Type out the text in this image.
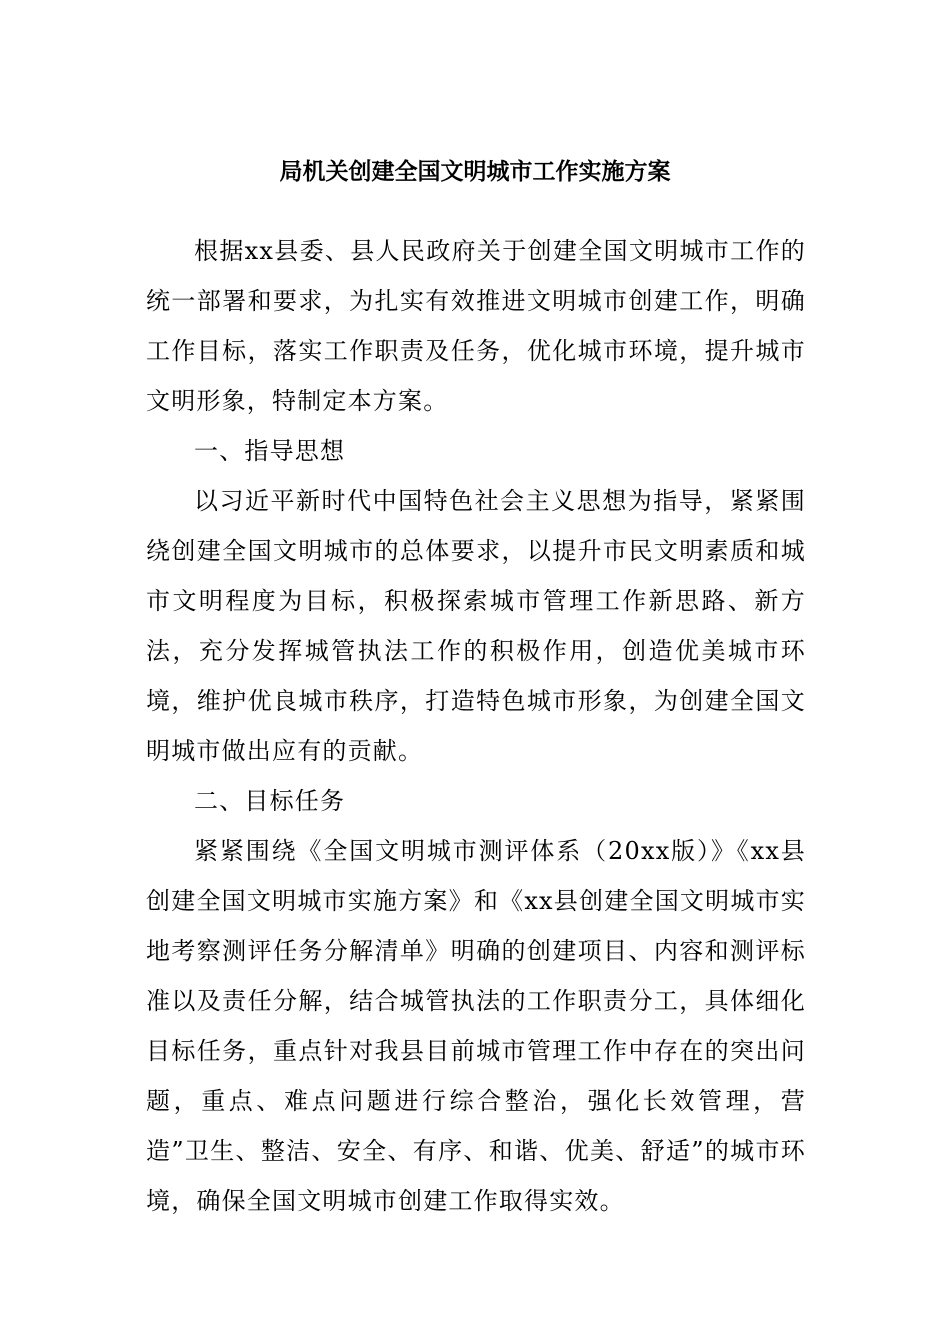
局机关创建全国文明城市工作实施方案

根据xx县委、县人民政府关于创建全国文明城市工作的统一部署和要求，为扎实有效推进文明城市创建工作，明确工作目标，落实工作职责及任务，优化城市环境，提升城市文明形象，特制定本方案。

一、指导思想

以习近平新时代中国特色社会主义思想为指导，紧紧围绕创建全国文明城市的总体要求，以提升市民文明素质和城市文明程度为目标，积极探索城市管理工作新思路、新方法，充分发挥城管执法工作的积极作用，创造优美城市环境，维护优良城市秩序，打造特色城市形象，为创建全国文明城市做出应有的贡献。

二、目标任务

紧紧围绕《全国文明城市测评体系（20xx版）》《xx县创建全国文明城市实施方案》和《xx县创建全国文明城市实地考察测评任务分解清单》明确的创建项目、内容和测评标准以及责任分解，结合城管执法的工作职责分工，具体细化目标任务，重点针对我县目前城市管理工作中存在的突出问题，重点、难点问题进行综合整治，强化长效管理，营造”卫生、整洁、安全、有序、和谐、优美、舒适”的城市环境，确保全国文明城市创建工作取得实效。
